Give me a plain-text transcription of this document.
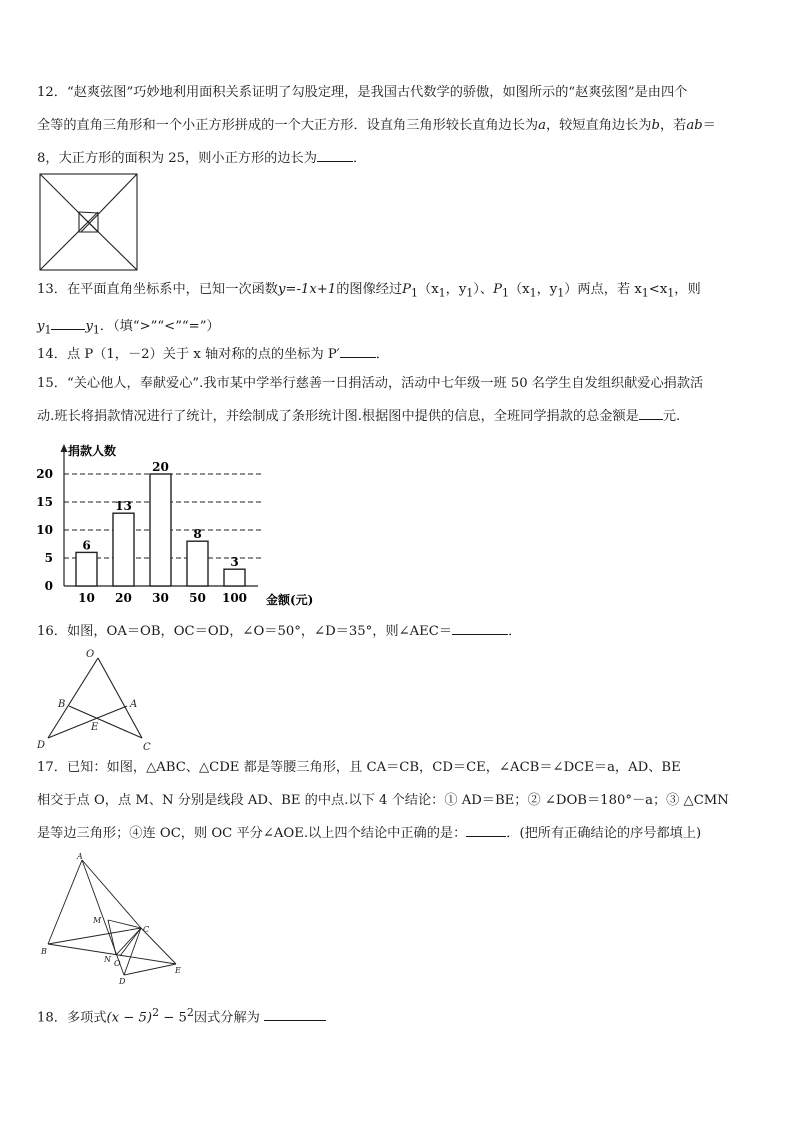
12．“赵爽弦图”巧妙地利用面积关系证明了勾股定理，是我国古代数学的骄傲，如图所示的“赵爽弦图”是由四个
全等的直角三角形和一个小正方形拼成的一个大正方形．设直角三角形较长直角边长为a，较短直角边长为b，若ab＝
8，大正方形的面积为 25，则小正方形的边长为	．
13．在平面直角坐标系中，已知一次函数y=-1x+1的图像经过$P_1(x_1$，$y_1$）、$P_1(x_1$，$y_1$）两点，若 $x_1<x_1$，则
$y_1$	$y_1$．（填“>”“<”“=”）
14．点 P（1，－2）关于 x 轴对称的点的坐标为 P′	．
15．“关心他人，奉献爱心”.我市某中学举行慈善一日捐活动，活动中七年级一班 50 名学生自发组织献爱心捐款活
动.班长将捐款情况进行了统计，并绘制成了条形统计图.根据图中提供的信息，全班同学捐款的总金额是 元.
捐款人数
金额(元)
6
13
20
8
3
0
5
10
15
20
10 20 30 50 100
16．如图，OA＝OB，OC＝OD，∠O＝50°，∠D＝35°，则∠AEC＝	．
O
B	A
E
D	C
17．已知：如图，△ABC、△CDE 都是等腰三角形，且 CA＝CB，CD＝CE，∠ACB＝∠DCE＝a，AD、BE
相交于点 O，点 M、N 分别是线段 AD、BE 的中点.以下 4 个结论：① AD＝BE；② ∠DOB＝180°－a；③ △CMN
是等边三角形；④连 OC，则 OC 平分∠AOE.以上四个结论中正确的是：	．(把所有正确结论的序号都填上)
A
M
C
B
N O
D
E
18．多项式$(x - 5)^2 - 5^2$因式分解为
